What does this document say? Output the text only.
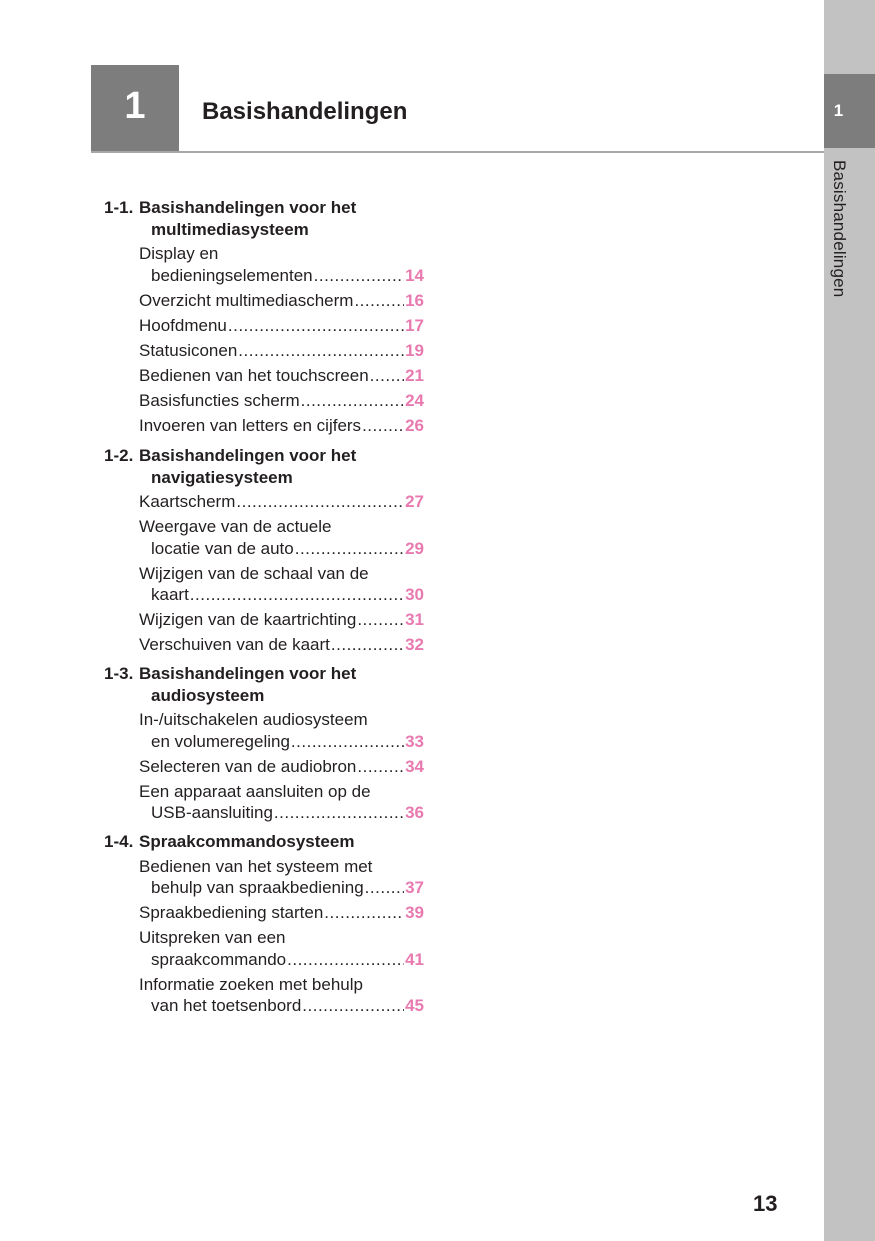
1
Basishandelingen
1	Basishandelingen
1-1. Basishandelingen voor het
multimediasysteem
Display en
bedieningselementen .....	14
Overzicht multimediascherm .....	16
Hoofdmenu .....	17
Statusiconen .....	19
Bedienen van het touchscreen ..... 21
Basisfuncties scherm .....	24
Invoeren van letters en cijfers .....	26
1-2. Basishandelingen voor het
navigatiesysteem
Kaartscherm .....	27
Weergave van de actuele
locatie van de auto .....	29
Wijzigen van de schaal van de
kaart .....	30
Wijzigen van de kaartrichting .....	31
Verschuiven van de kaart .....	32
1-3. Basishandelingen voor het
audiosysteem
In-/uitschakelen audiosysteem
en volumeregeling .....	33
Selecteren van de audiobron .....	34
Een apparaat aansluiten op de
USB-aansluiting .....	36
1-4. Spraakcommandosysteem
Bedienen van het systeem met
behulp van spraakbediening ..... 37
Spraakbediening starten .....	39
Uitspreken van een
spraakcommando .....	41
Informatie zoeken met behulp
van het toetsenbord .....	45
13
